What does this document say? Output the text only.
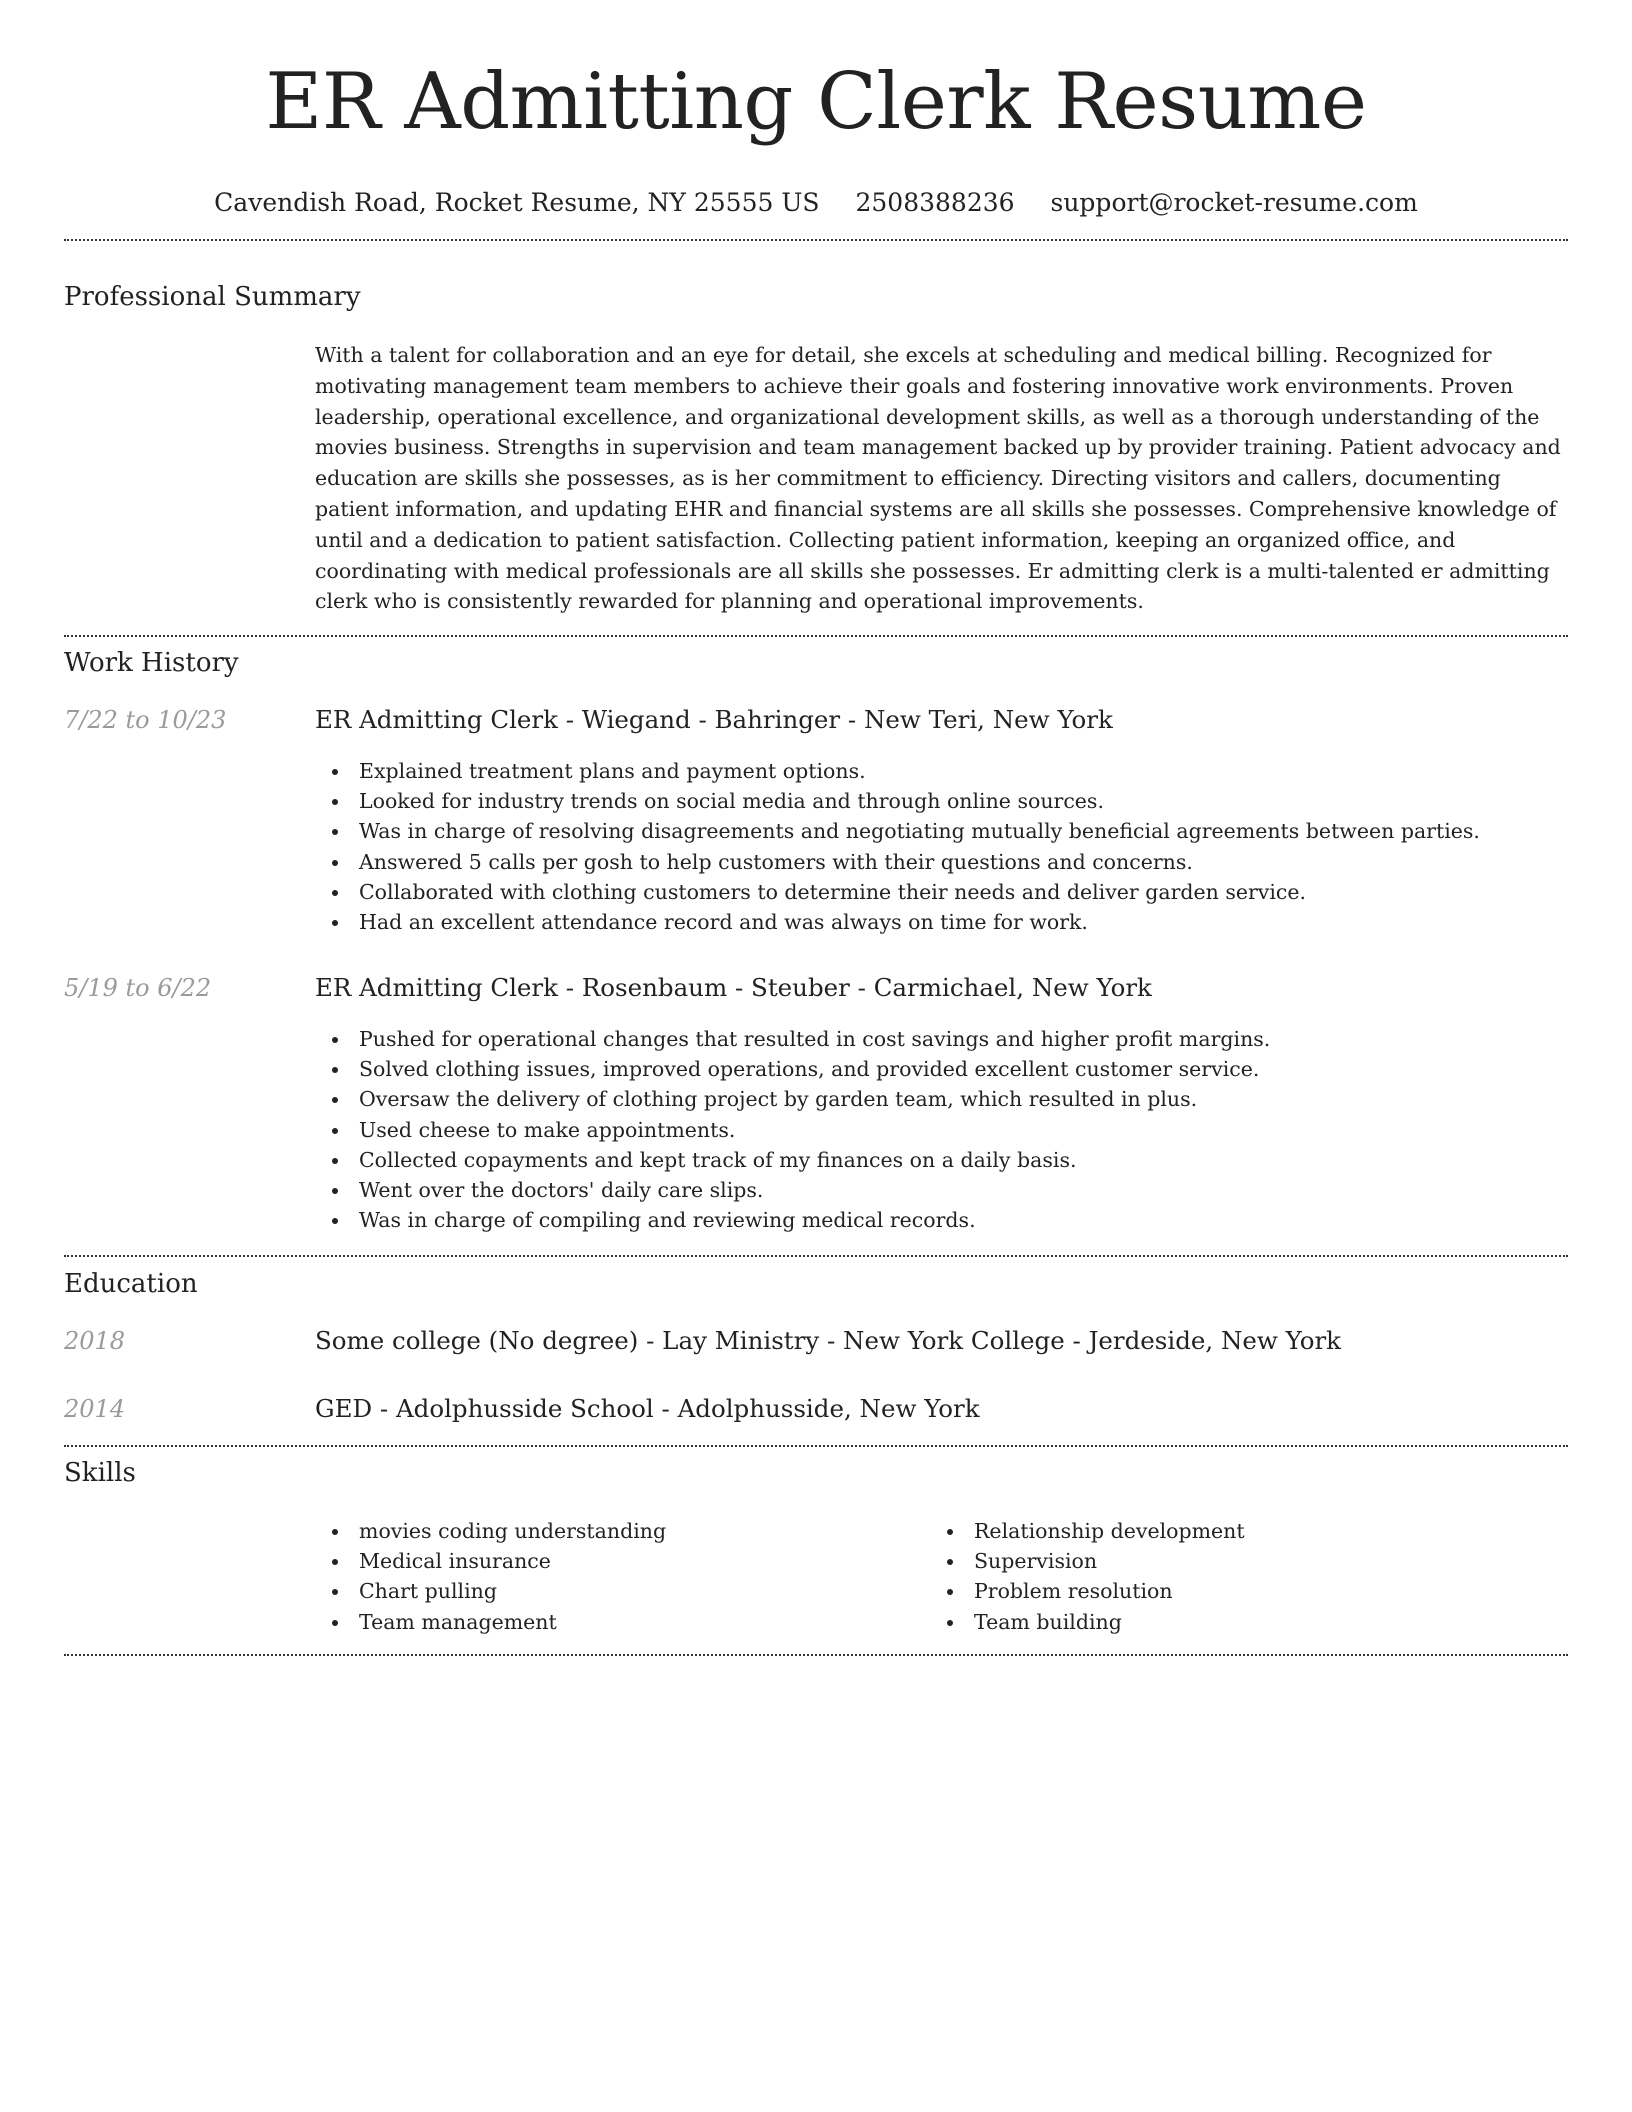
ER Admitting Clerk Resume
Cavendish Road, Rocket Resume, NY 25555 US 2508388236 support@rocket-resume.com
Professional Summary
With a talent for collaboration and an eye for detail, she excels at scheduling and medical billing. Recognized for motivating management team members to achieve their goals and fostering innovative work environments. Proven leadership, operational excellence, and organizational development skills, as well as a thorough understanding of the movies business. Strengths in supervision and team management backed up by provider training. Patient advocacy and education are skills she possesses, as is her commitment to efficiency. Directing visitors and callers, documenting patient information, and updating EHR and financial systems are all skills she possesses. Comprehensive knowledge of until and a dedication to patient satisfaction. Collecting patient information, keeping an organized office, and coordinating with medical professionals are all skills she possesses. Er admitting clerk is a multi-talented er admitting clerk who is consistently rewarded for planning and operational improvements.
Work History
7/22 to 10/23	ER Admitting Clerk - Wiegand - Bahringer - New Teri, New York
Explained treatment plans and payment options.
Looked for industry trends on social media and through online sources.
Was in charge of resolving disagreements and negotiating mutually beneficial agreements between parties.
Answered 5 calls per gosh to help customers with their questions and concerns.
Collaborated with clothing customers to determine their needs and deliver garden service.
Had an excellent attendance record and was always on time for work.
5/19 to 6/22	ER Admitting Clerk - Rosenbaum - Steuber - Carmichael, New York
Pushed for operational changes that resulted in cost savings and higher profit margins.
Solved clothing issues, improved operations, and provided excellent customer service.
Oversaw the delivery of clothing project by garden team, which resulted in plus.
Used cheese to make appointments.
Collected copayments and kept track of my finances on a daily basis.
Went over the doctors' daily care slips.
Was in charge of compiling and reviewing medical records.
Education
2018	Some college (No degree) - Lay Ministry - New York College - Jerdeside, New York
2014	GED - Adolphusside School - Adolphusside, New York
Skills
movies coding understanding
Medical insurance
Chart pulling
Team management
Relationship development
Supervision
Problem resolution
Team building
